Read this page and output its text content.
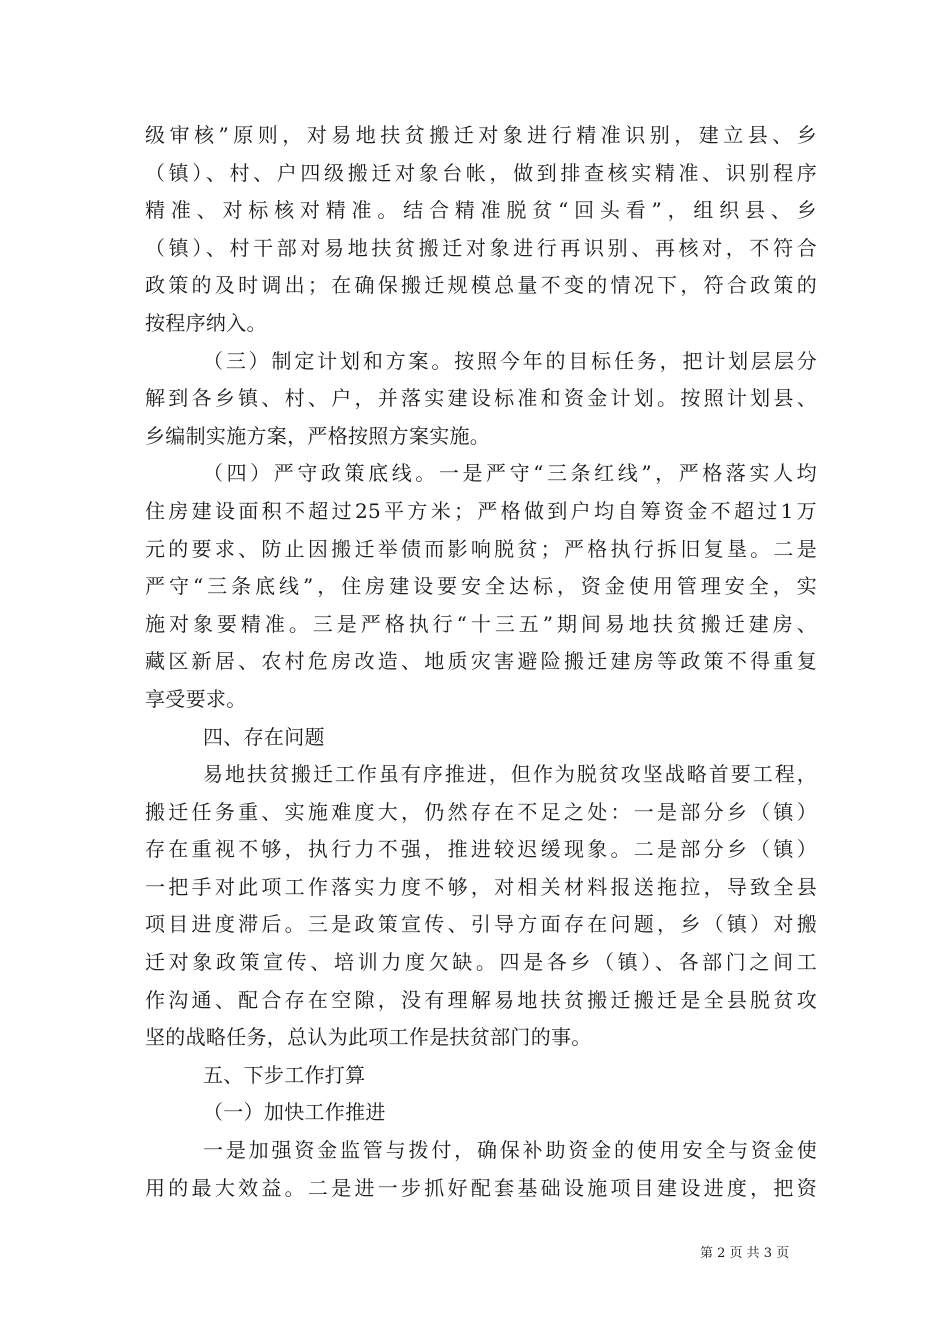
级审核”原则，对易地扶贫搬迁对象进行精准识别，建立县、乡
（镇）、村、户四级搬迁对象台帐，做到排查核实精准、识别程序
精准、对标核对精准。结合精准脱贫“回头看”，组织县、乡
（镇）、村干部对易地扶贫搬迁对象进行再识别、再核对，不符合
政策的及时调出；在确保搬迁规模总量不变的情况下，符合政策的
按程序纳入。
（三）制定计划和方案。按照今年的目标任务，把计划层层分
解到各乡镇、村、户，并落实建设标准和资金计划。按照计划县、
乡编制实施方案，严格按照方案实施。
（四）严守政策底线。一是严守“三条红线”，严格落实人均
住房建设面积不超过25平方米；严格做到户均自筹资金不超过1万
元的要求、防止因搬迁举债而影响脱贫；严格执行拆旧复垦。二是
严守“三条底线”，住房建设要安全达标，资金使用管理安全，实
施对象要精准。三是严格执行“十三五”期间易地扶贫搬迁建房、
藏区新居、农村危房改造、地质灾害避险搬迁建房等政策不得重复
享受要求。
四、存在问题
易地扶贫搬迁工作虽有序推进，但作为脱贫攻坚战略首要工程，
搬迁任务重、实施难度大，仍然存在不足之处：一是部分乡（镇）
存在重视不够，执行力不强，推进较迟缓现象。二是部分乡（镇）
一把手对此项工作落实力度不够，对相关材料报送拖拉，导致全县
项目进度滞后。三是政策宣传、引导方面存在问题，乡（镇）对搬
迁对象政策宣传、培训力度欠缺。四是各乡（镇）、各部门之间工
作沟通、配合存在空隙，没有理解易地扶贫搬迁搬迁是全县脱贫攻
坚的战略任务，总认为此项工作是扶贫部门的事。
五、下步工作打算
（一）加快工作推进
一是加强资金监管与拨付，确保补助资金的使用安全与资金使
用的最大效益。二是进一步抓好配套基础设施项目建设进度，把资
第 2 页 共 3 页
